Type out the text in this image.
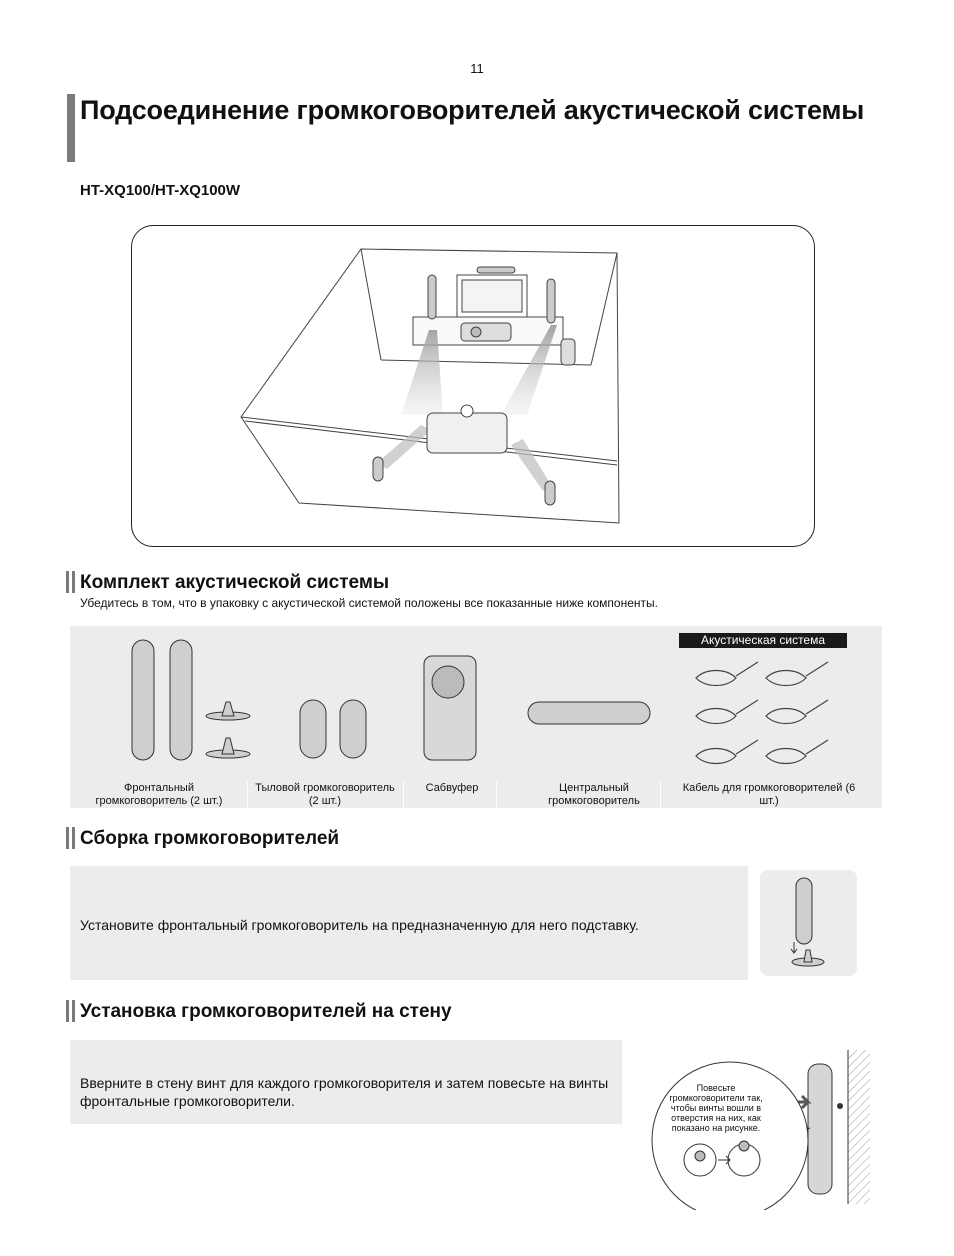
11
Подсоединение громкоговорителей акустической системы
HT-XQ100/HT-XQ100W
Комплект акустической системы
Убедитесь в том, что в упаковку с акустической системой положены все показанные ниже компоненты.
Акустическая система
Фронтальный громкоговоритель (2 шт.)
Тыловой громкоговоритель (2 шт.)
Сабвуфер	Центральный громкоговоритель
Кабель для громкоговорителей (6 шт.)
Сборка громкоговорителей
Установите фронтальный громкоговоритель на предназначенную для него подставку.
Установка громкоговорителей на стену
Вверните в стену винт для каждого громкоговорителя и затем повесьте на винты фронтальные громкоговорители.
Повесьте громкоговорители так, чтобы винты вошли в отверстия на них, как показано на рисунке.
